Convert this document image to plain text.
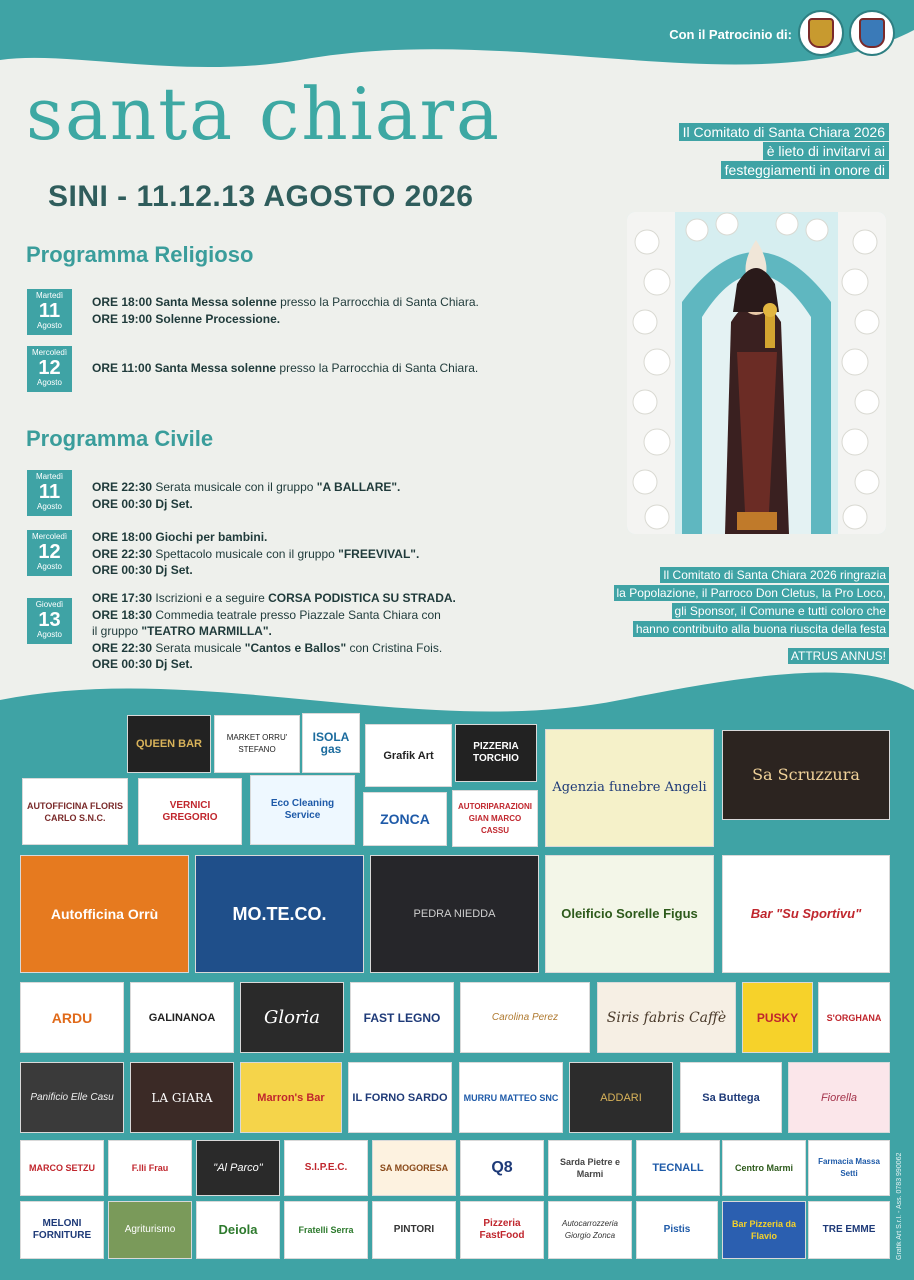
Con il Patrocinio di:
santa chiara
SINI - 11.12.13 AGOSTO 2026
Il Comitato di Santa Chiara 2026
è lieto di invitarvi ai
festeggiamenti in onore di
Programma Religioso
Martedì
11
Agosto
ORE 18:00 Santa Messa solenne presso la Parrocchia di Santa Chiara.
ORE 19:00 Solenne Processione.
Mercoledì
12
Agosto
ORE 11:00 Santa Messa solenne presso la Parrocchia di Santa Chiara.
Programma Civile
Martedì
11
Agosto
ORE 22:30 Serata musicale con il gruppo "A BALLARE".
ORE 00:30 Dj Set.
Mercoledì
12
Agosto
ORE 18:00 Giochi per bambini.
ORE 22:30 Spettacolo musicale con il gruppo "FREEVIVAL".
ORE 00:30 Dj Set.
Giovedì
13
Agosto
ORE 17:30 Iscrizioni e a seguire CORSA PODISTICA SU STRADA.
ORE 18:30 Commedia teatrale presso Piazzale Santa Chiara con
il gruppo "TEATRO MARMILLA".
ORE 22:30 Serata musicale "Cantos e Ballos" con Cristina Fois.
ORE 00:30 Dj Set.
Il Comitato di Santa Chiara 2026 ringrazia
la Popolazione, il Parroco Don Cletus, la Pro Loco,
gli Sponsor, il Comune e tutti coloro che
hanno contribuito alla buona riuscita della festa
ATTRUS ANNUS!
QUEEN BAR
MARKET ORRU' STEFANO
ISOLA gas	Grafik Art
PIZZERIA TORCHIO
Agenzia funebre Angeli
Sa Scruzzura
AUTOFFICINA FLORIS CARLO S.N.C.
VERNICI GREGORIO
Eco Cleaning Service	ZONCA
AUTORIPARAZIONI GIAN MARCO CASSU
Autofficina Orrù	MO.TE.CO.	PEDRA NIEDDA	Oleificio Sorelle Figus	Bar "Su Sportivu"
ARDU	GALINANOA	Gloria	FAST LEGNO	Carolina Perez	Siris fabris Caffè	PUSKY	S'ORGHANA
Panificio Elle Casu	LA GIARA	Marron's Bar	IL FORNO SARDO	MURRU MATTEO SNC	ADDARI	Sa Buttega	Fiorella
MARCO SETZU	F.lli Frau	"Al Parco"	S.I.P.E.C.	SA MOGORESA	Q8	Sarda Pietre e Marmi	TECNALL	Centro Marmi
Farmacia Massa Setti
MELONI FORNITURE
Agriturismo	Deiola	Fratelli Serra	PINTORI
Pizzeria FastFood
Autocarrozzeria Giorgio Zonca
Pistis	Bar Pizzeria da Flavio
TRE EMME	Grafik Art S.r.l. - Ass. 0783 990062
